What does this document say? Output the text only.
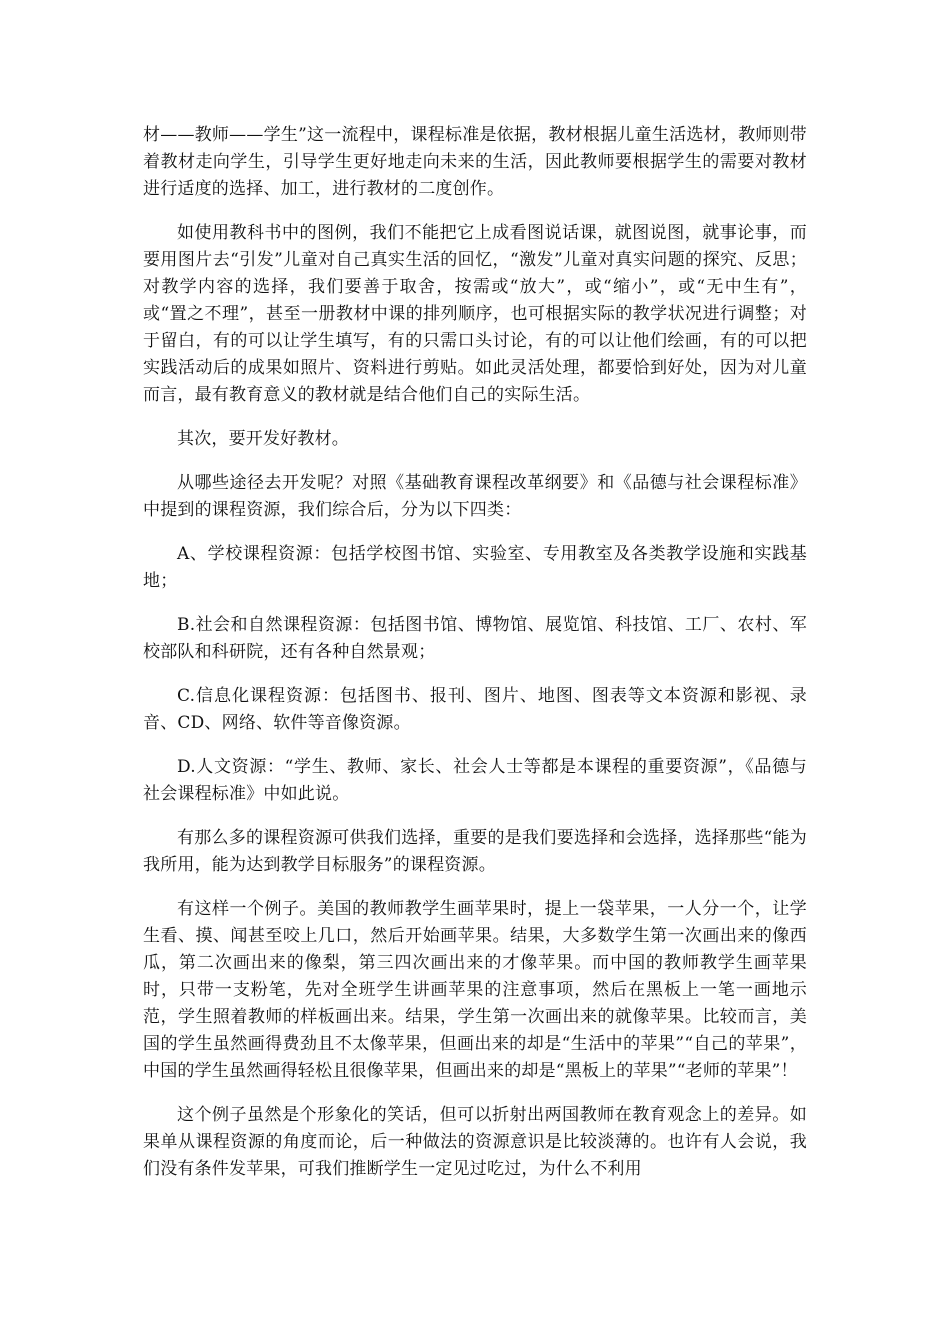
材——教师——学生”这一流程中，课程标准是依据，教材根据儿童生活选材，教师则带着教材走向学生，引导学生更好地走向未来的生活，因此教师要根据学生的需要对教材进行适度的选择、加工，进行教材的二度创作。

如使用教科书中的图例，我们不能把它上成看图说话课，就图说图，就事论事，而要用图片去“引发”儿童对自己真实生活的回忆，“激发”儿童对真实问题的探究、反思；对教学内容的选择，我们要善于取舍，按需或“放大”，或“缩小”，或“无中生有”，或“置之不理”，甚至一册教材中课的排列顺序，也可根据实际的教学状况进行调整；对于留白，有的可以让学生填写，有的只需口头讨论，有的可以让他们绘画，有的可以把实践活动后的成果如照片、资料进行剪贴。如此灵活处理，都要恰到好处，因为对儿童而言，最有教育意义的教材就是结合他们自己的实际生活。

其次，要开发好教材。

从哪些途径去开发呢？对照《基础教育课程改革纲要》和《品德与社会课程标准》中提到的课程资源，我们综合后，分为以下四类：

A、学校课程资源：包括学校图书馆、实验室、专用教室及各类教学设施和实践基地；

B.社会和自然课程资源：包括图书馆、博物馆、展览馆、科技馆、工厂、农村、军校部队和科研院，还有各种自然景观；

C.信息化课程资源：包括图书、报刊、图片、地图、图表等文本资源和影视、录音、CD、网络、软件等音像资源。

D.人文资源：“学生、教师、家长、社会人士等都是本课程的重要资源”，《品德与社会课程标准》中如此说。

有那么多的课程资源可供我们选择，重要的是我们要选择和会选择，选择那些“能为我所用，能为达到教学目标服务”的课程资源。

有这样一个例子。美国的教师教学生画苹果时，提上一袋苹果，一人分一个，让学生看、摸、闻甚至咬上几口，然后开始画苹果。结果，大多数学生第一次画出来的像西瓜，第二次画出来的像梨，第三四次画出来的才像苹果。而中国的教师教学生画苹果时，只带一支粉笔，先对全班学生讲画苹果的注意事项，然后在黑板上一笔一画地示范，学生照着教师的样板画出来。结果，学生第一次画出来的就像苹果。比较而言，美国的学生虽然画得费劲且不太像苹果，但画出来的却是“生活中的苹果”“自己的苹果”，中国的学生虽然画得轻松且很像苹果，但画出来的却是“黑板上的苹果”“老师的苹果”！

这个例子虽然是个形象化的笑话，但可以折射出两国教师在教育观念上的差异。如果单从课程资源的角度而论，后一种做法的资源意识是比较淡薄的。也许有人会说，我们没有条件发苹果，可我们推断学生一定见过吃过，为什么不利用
